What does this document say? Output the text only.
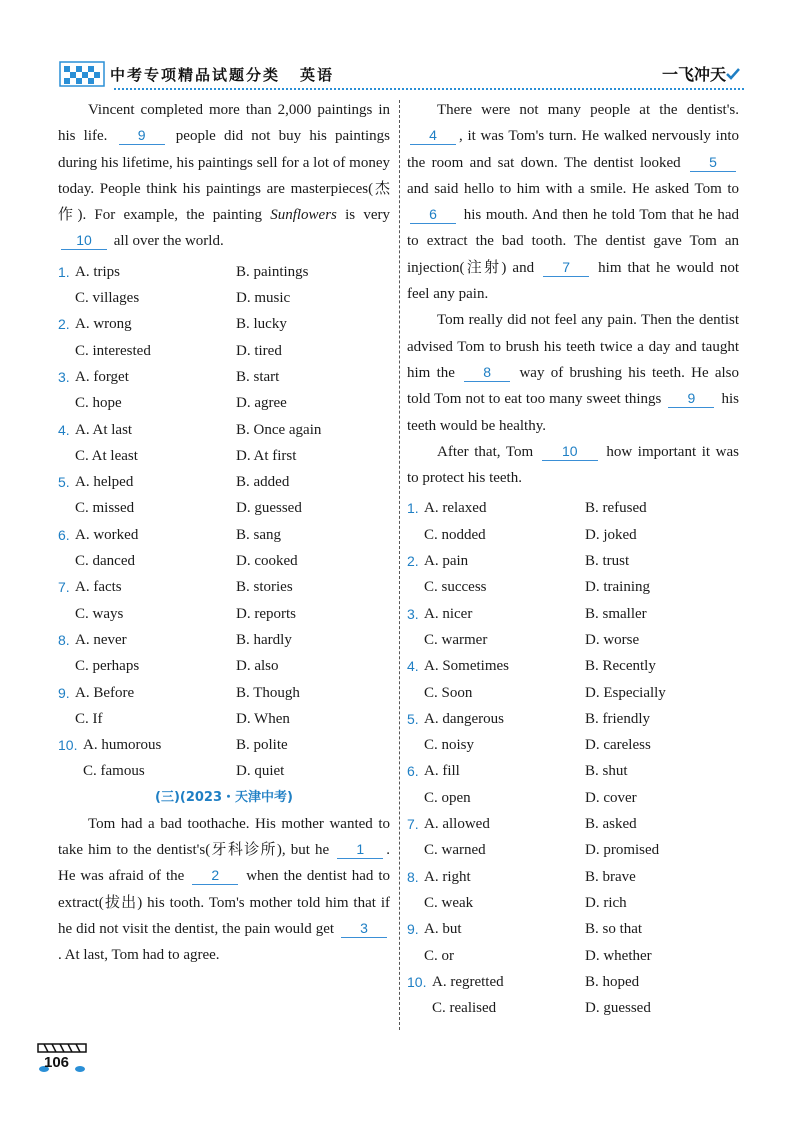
中考专项精品试题分类 英语	一飞冲天

Vincent completed more than 2,000 paintings in his life. 9 people did not buy his paintings during his lifetime, his paintings sell for a lot of money today. People think his paintings are masterpieces(杰作). For example, the painting Sunflowers is very 10 all over the world.

1. A. trips	B. paintings
C. villages	D. music
2. A. wrong	B. lucky
C. interested	D. tired
3. A. forget	B. start
C. hope	D. agree
4. A. At last	B. Once again
C. At least	D. At first
5. A. helped	B. added
C. missed	D. guessed
6. A. worked	B. sang
C. danced	D. cooked
7. A. facts	B. stories
C. ways	D. reports
8. A. never	B. hardly
C. perhaps	D. also
9. A. Before	B. Though
C. If	D. When
10. A. humorous	B. polite
C. famous	D. quiet
(三)(2023・天津中考)

Tom had a bad toothache. His mother wanted to take him to the dentist's(牙科诊所), but he 1 . He was afraid of the 2 when the dentist had to extract(拔出) his tooth. Tom's mother told him that if he did not visit the dentist, the pain would get 3. At last, Tom had to agree.

There were not many people at the dentist's. 4 , it was Tom's turn. He walked nervously into the room and sat down. The dentist looked 5 and said hello to him with a smile. He asked Tom to 6 his mouth. And then he told Tom that he had to extract the bad tooth. The dentist gave Tom an injection(注射) and 7 him that he would not feel any pain.

Tom really did not feel any pain. Then the dentist advised Tom to brush his teeth twice a day and taught him the 8 way of brushing his teeth. He also told Tom not to eat too many sweet things 9 his teeth would be healthy.

After that, Tom 10 how important it was to protect his teeth.

1. A. relaxed	B. refused
C. nodded	D. joked
2. A. pain	B. trust
C. success	D. training
3. A. nicer	B. smaller
C. warmer	D. worse
4. A. Sometimes	B. Recently
C. Soon	D. Especially
5. A. dangerous	B. friendly
C. noisy	D. careless
6. A. fill	B. shut
C. open	D. cover
7. A. allowed	B. asked
C. warned	D. promised
8. A. right	B. brave
C. weak	D. rich
9. A. but	B. so that
C. or	D. whether
10. A. regretted	B. hoped
C. realised	D. guessed
106
